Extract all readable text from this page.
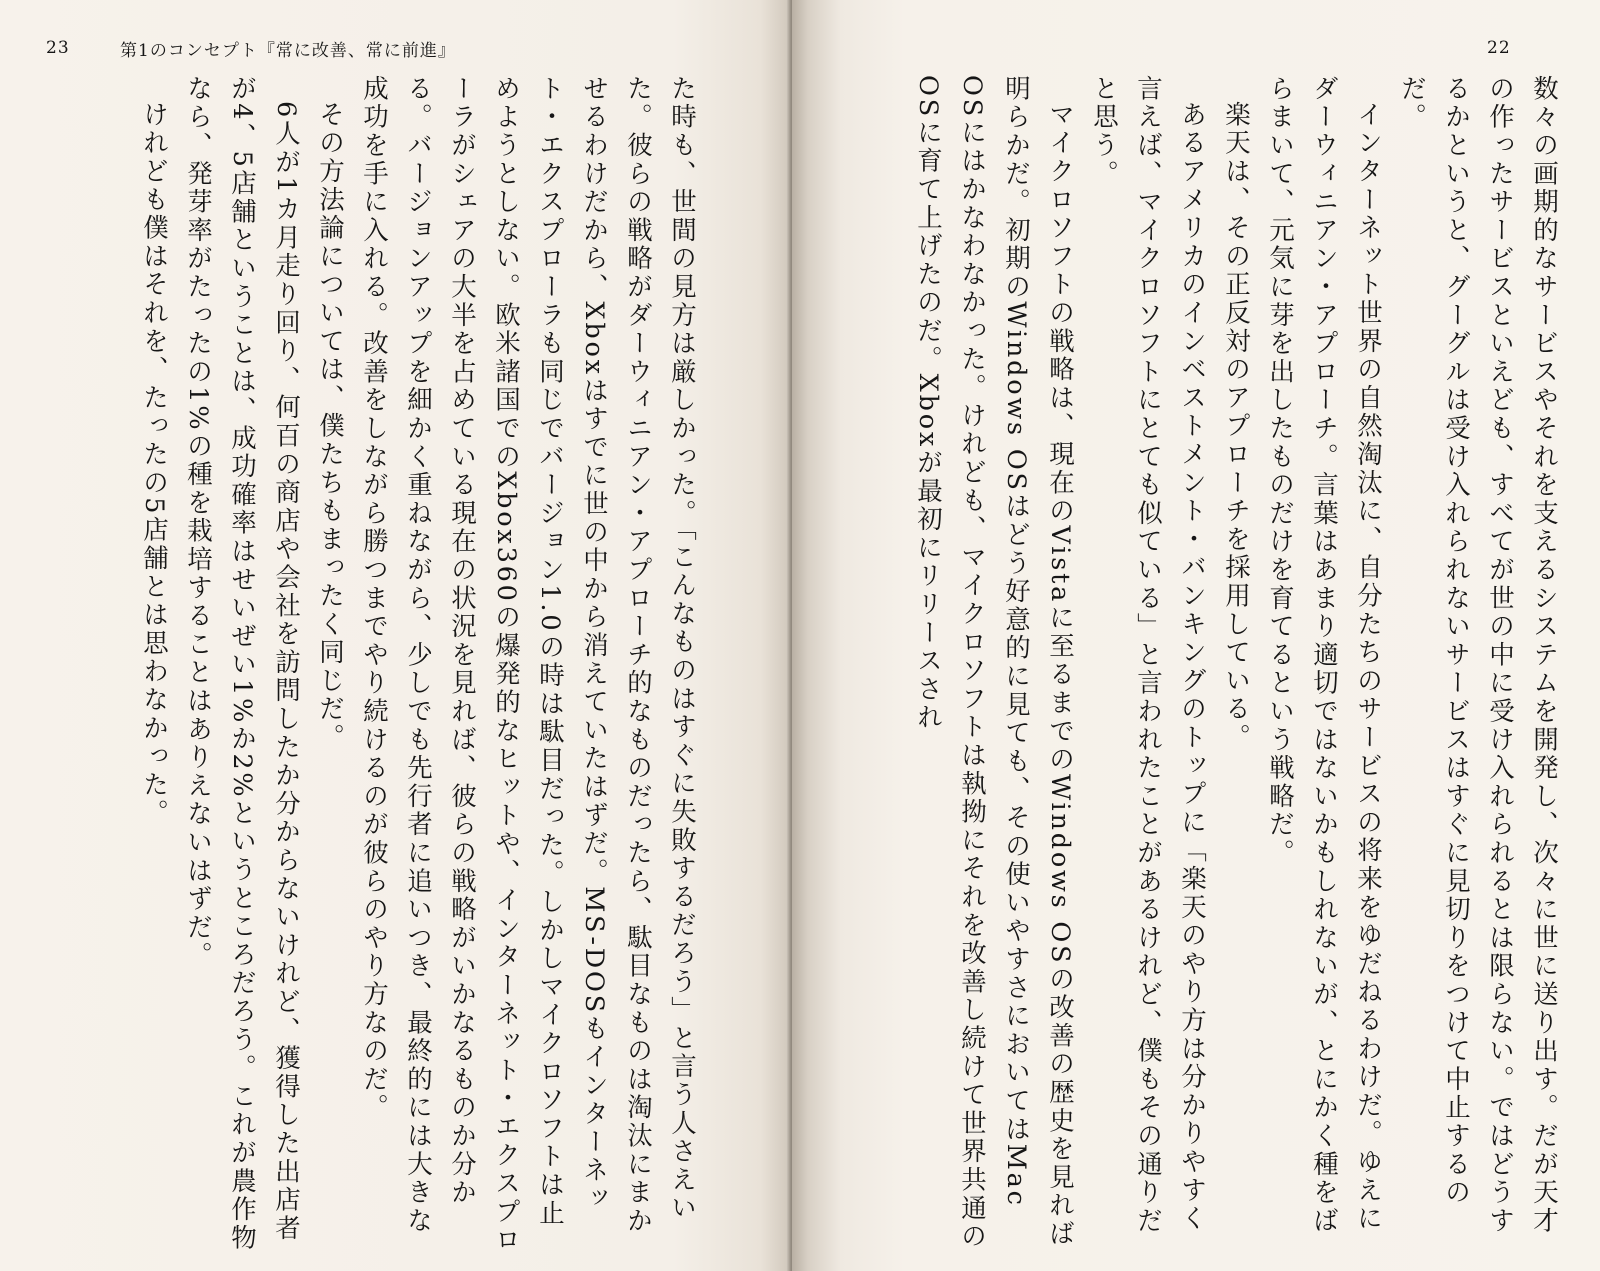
23	第1のコンセプト『常に改善、常に前進』

た時も、世間の見方は厳しかった。「こんなものはすぐに失敗するだろう」と言う人さえいた。彼らの戦略がダーウィニアン・アプローチ的なものだったら、駄目なものは淘汰にまかせるわけだから、Xboxはすでに世の中から消えていたはずだ。MS-DOSもインターネット・エクスプローラも同じでバージョン1.0の時は駄目だった。しかしマイクロソフトは止めようとしない。欧米諸国でのXbox360の爆発的なヒットや、インターネット・エクスプローラがシェアの大半を占めている現在の状況を見れば、彼らの戦略がいかなるものか分かる。バージョンアップを細かく重ねながら、少しでも先行者に追いつき、最終的には大きな成功を手に入れる。改善をしながら勝つまでやり続けるのが彼らのやり方なのだ。

その方法論については、僕たちもまったく同じだ。

6人が1カ月走り回り、何百の商店や会社を訪問したか分からないけれど、獲得した出店者が4、5店舗ということは、成功確率はせいぜい1%か2%というところだろう。これが農作物なら、発芽率がたったの1%の種を栽培することはありえないはずだ。

けれども僕はそれを、たったの5店舗とは思わなかった。

22

数々の画期的なサービスやそれを支えるシステムを開発し、次々に世に送り出す。だが天才の作ったサービスといえども、すべてが世の中に受け入れられるとは限らない。ではどうするかというと、グーグルは受け入れられないサービスはすぐに見切りをつけて中止するのだ。

インターネット世界の自然淘汰に、自分たちのサービスの将来をゆだねるわけだ。ゆえにダーウィニアン・アプローチ。言葉はあまり適切ではないかもしれないが、とにかく種をばらまいて、元気に芽を出したものだけを育てるという戦略だ。

楽天は、その正反対のアプローチを採用している。

あるアメリカのインベストメント・バンキングのトップに「楽天のやり方は分かりやすく言えば、マイクロソフトにとても似ている」と言われたことがあるけれど、僕もその通りだと思う。

マイクロソフトの戦略は、現在のVistaに至るまでのWindows OSの改善の歴史を見れば明らかだ。初期のWindows OSはどう好意的に見ても、その使いやすさにおいてはMac OSにはかなわなかった。けれども、マイクロソフトは執拗にそれを改善し続けて世界共通のOSに育て上げたのだ。Xboxが最初にリリースされ
